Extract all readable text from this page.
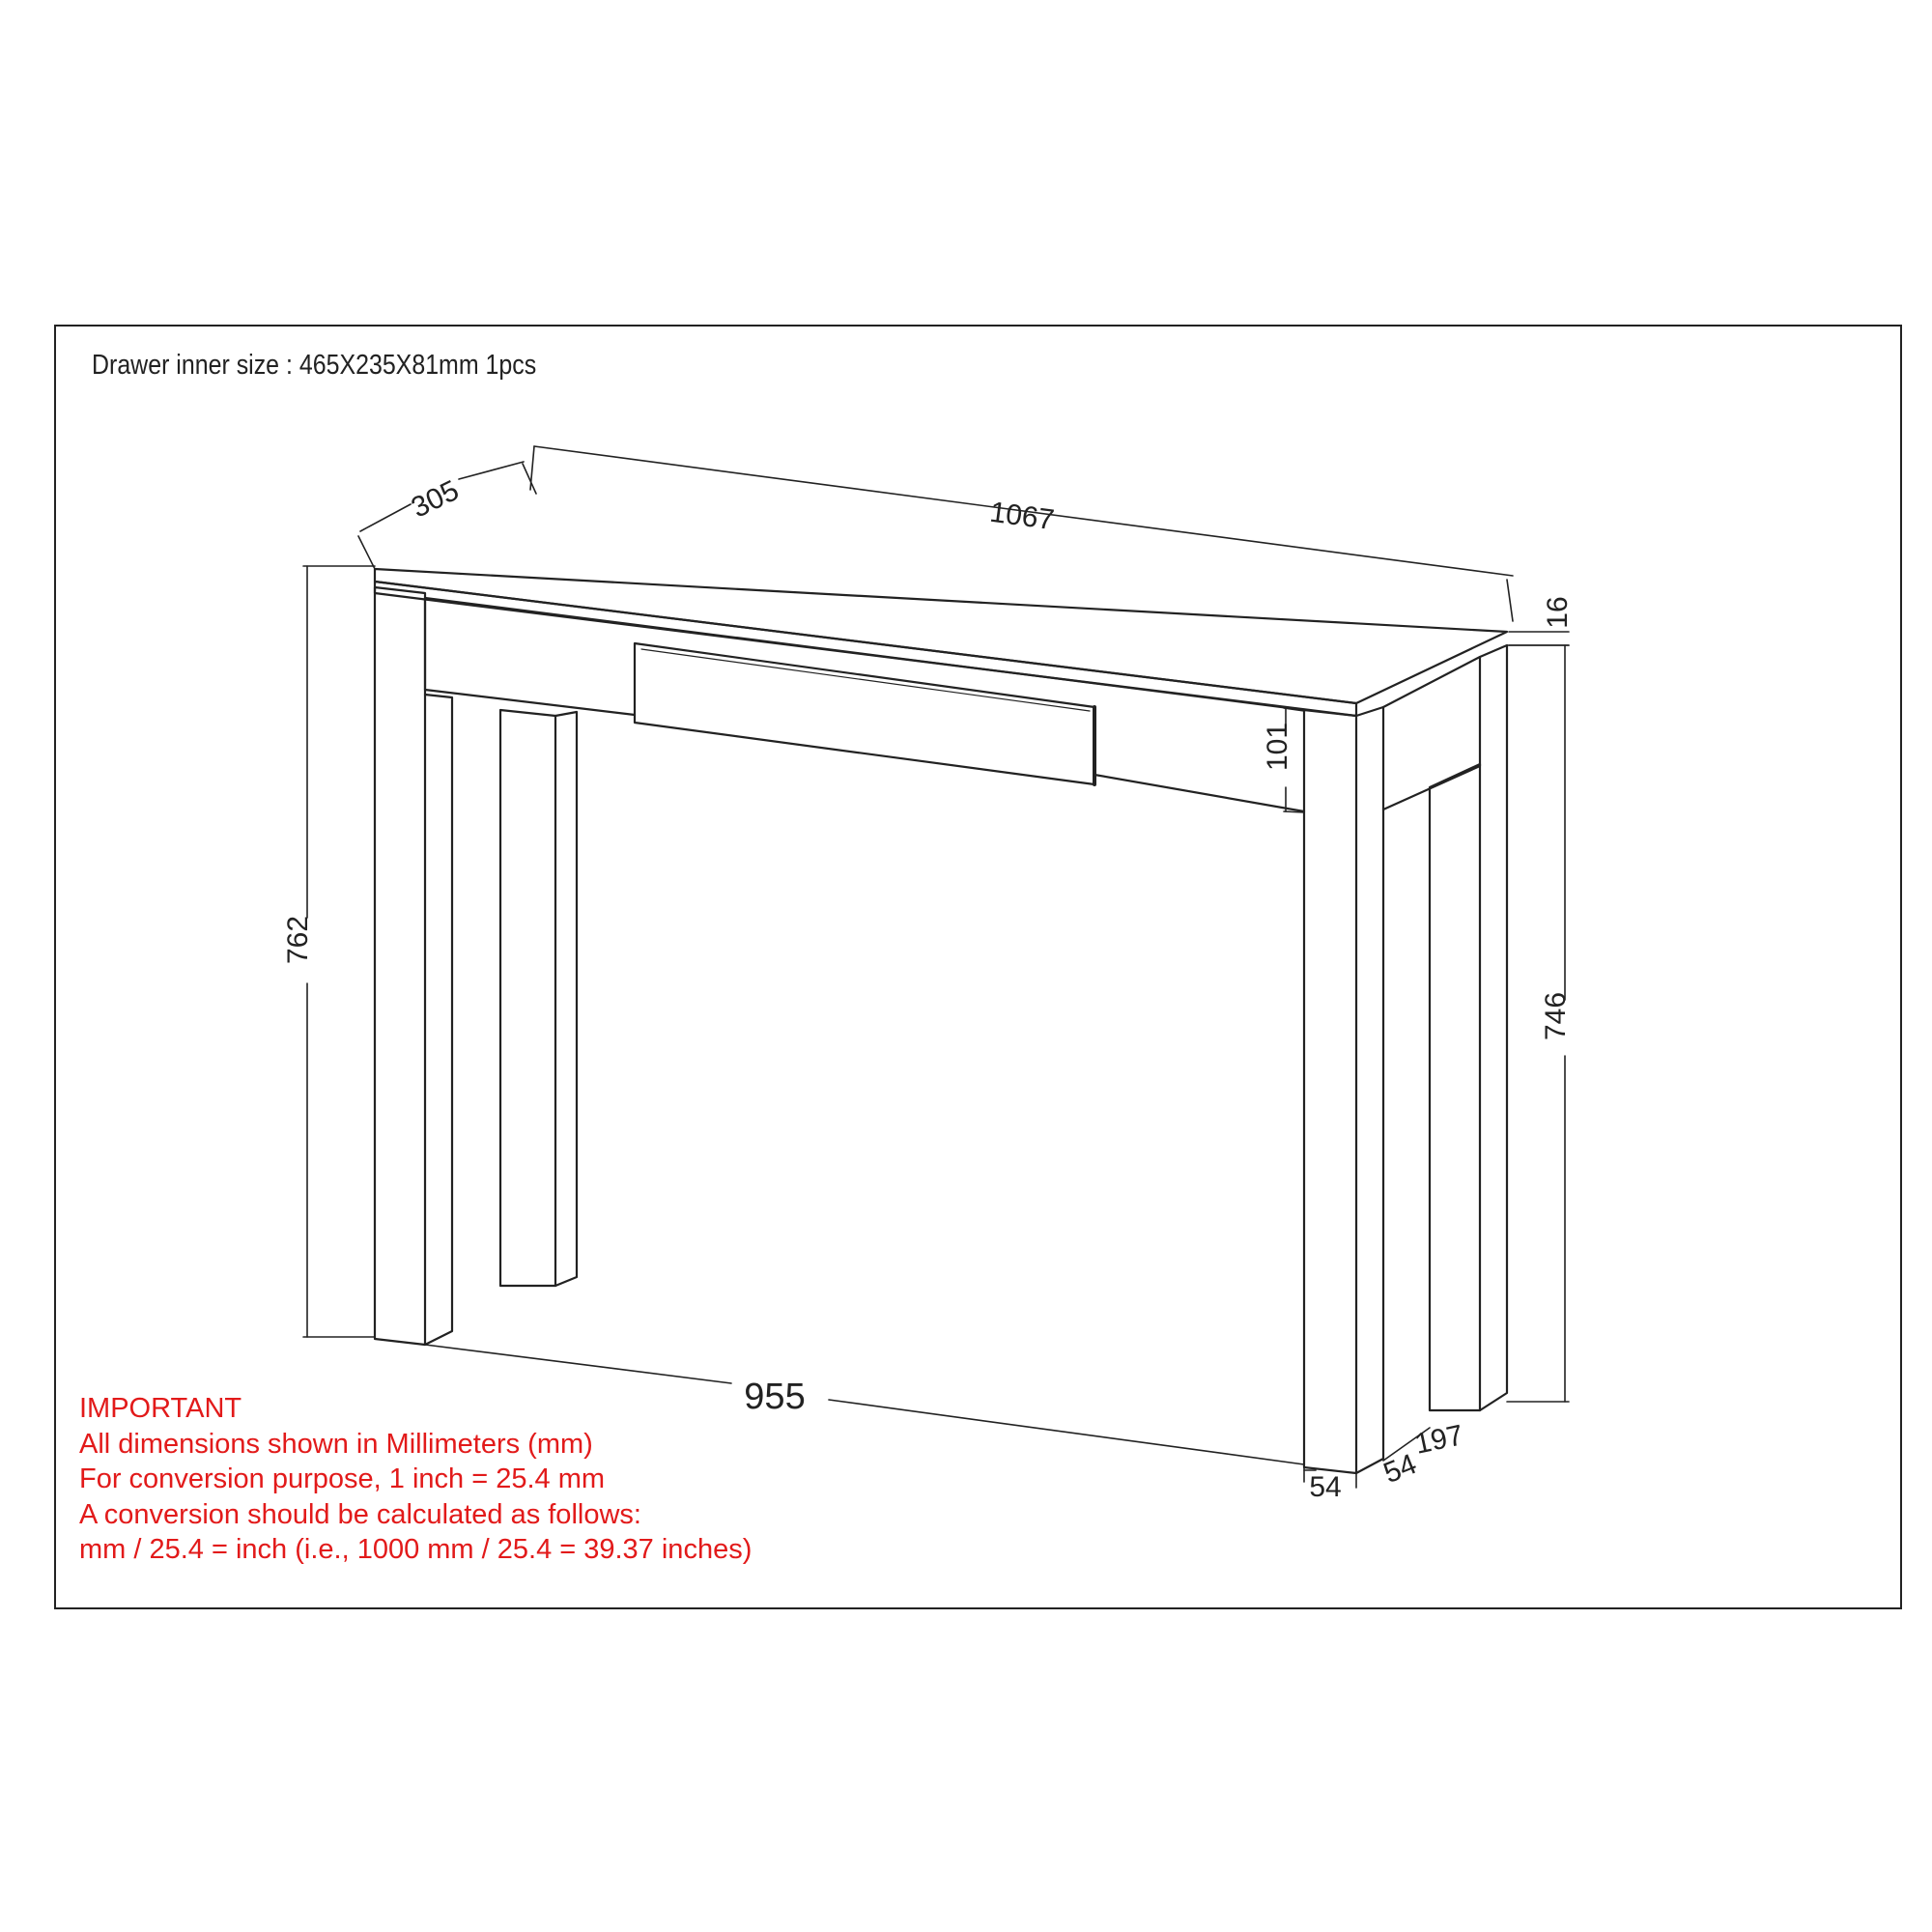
Drawer inner size : 465X235X81mm 1pcs
305	1067
16
762
746
101
955
54 54
197
IMPORTANT
All dimensions shown in Millimeters (mm)
For conversion purpose, 1 inch = 25.4 mm
A conversion should be calculated as follows:
mm / 25.4 = inch (i.e., 1000 mm / 25.4 = 39.37 inches)
